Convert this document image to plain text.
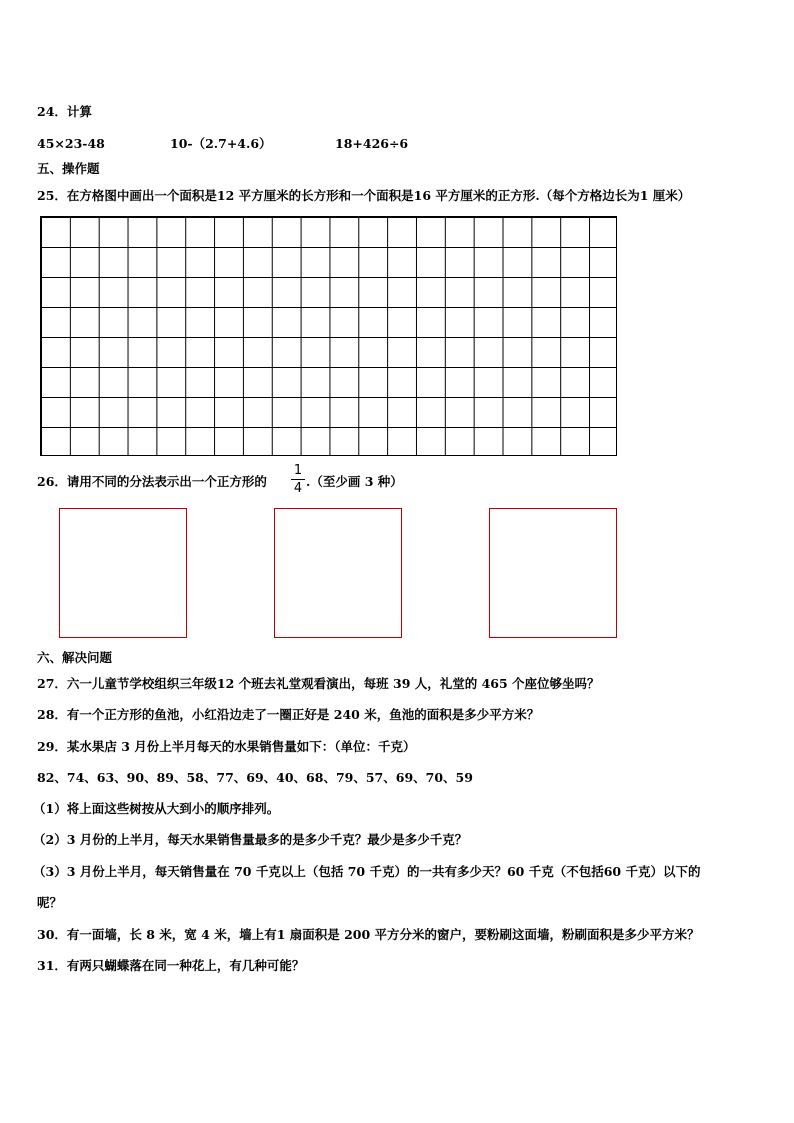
24．计算
45×23-48	10-（2.7+4.6）	18+426÷6
五、操作题
25．在方格图中画出一个面积是12 平方厘米的长方形和一个面积是16 平方厘米的正方形.（每个方格边长为1 厘米）
26．请用不同的分法表示出一个正方形的
1
4 .（至少画 3 种）
六、解决问题
27．六一儿童节学校组织三年级12 个班去礼堂观看演出，每班 39 人，礼堂的 465 个座位够坐吗？
28．有一个正方形的鱼池，小红沿边走了一圈正好是 240 米，鱼池的面积是多少平方米？
29．某水果店 3 月份上半月每天的水果销售量如下：（单位：千克）
82、74、63、90、89、58、77、69、40、68、79、57、69、70、59
（1）将上面这些树按从大到小的顺序排列。
（2）3 月份的上半月，每天水果销售量最多的是多少千克？最少是多少千克？
（3）3 月份上半月，每天销售量在 70 千克以上（包括 70 千克）的一共有多少天？60 千克（不包括60 千克）以下的
呢？
30．有一面墙，长 8 米，宽 4 米，墙上有1 扇面积是 200 平方分米的窗户，要粉刷这面墙，粉刷面积是多少平方米？
31．有两只蝴蝶落在同一种花上，有几种可能？
